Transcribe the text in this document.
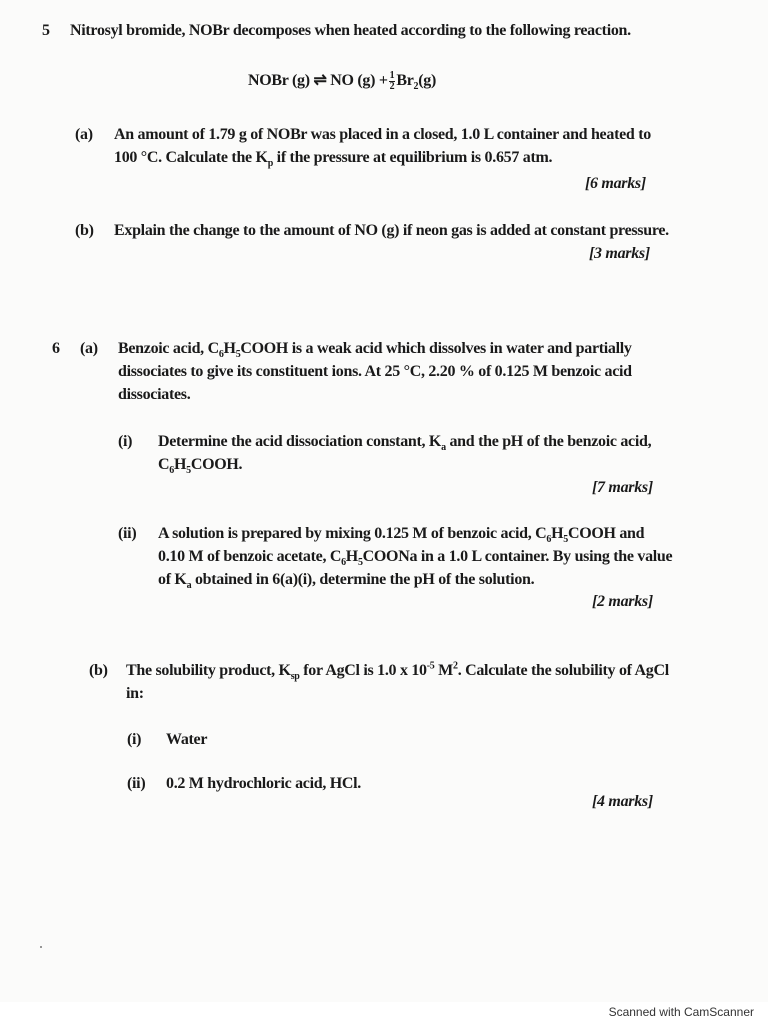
5 Nitrosyl bromide, NOBr decomposes when heated according to the following reaction.
NOBr (g) ⇌ NO $(g) + \frac{1}{2} Br_2(g)$
(a) An amount of 1.79 g of NOBr was placed in a closed, 1.0 L container and heated to
100 °C. Calculate the $K_p$ if the pressure at equilibrium is 0.657 atm.
[6 marks]
(b) Explain the change to the amount of NO (g) if neon gas is added at constant pressure.
[3 marks]
6 (a) Benzoic acid, $C_6H_5COOH$ is a weak acid which dissolves in water and partially
dissociates to give its constituent ions. At 25 °C, 2.20 % of 0.125 M benzoic acid
dissociates.
(i) Determine the acid dissociation constant, $K_a$ and the pH of the benzoic acid,
$C_6H_5COOH$.
[7 marks]
(ii) A solution is prepared by mixing 0.125 M of benzoic acid, $C_6H_5COOH$ and
0.10 M of benzoic acetate, $C_6H_5COONa$ in a 1.0 L container. By using the value
of $K_a$ obtained in 6(a)(i), determine the pH of the solution.
[2 marks]
(b) The solubility product, $K_{sp}$ for AgCl is 1.0 x $10^{-5}$ $M^2$. Calculate the solubility of AgCl
in:
(i) Water
(ii) 0.2 M hydrochloric acid, HCl.
[4 marks]
Scanned with CamScanner
